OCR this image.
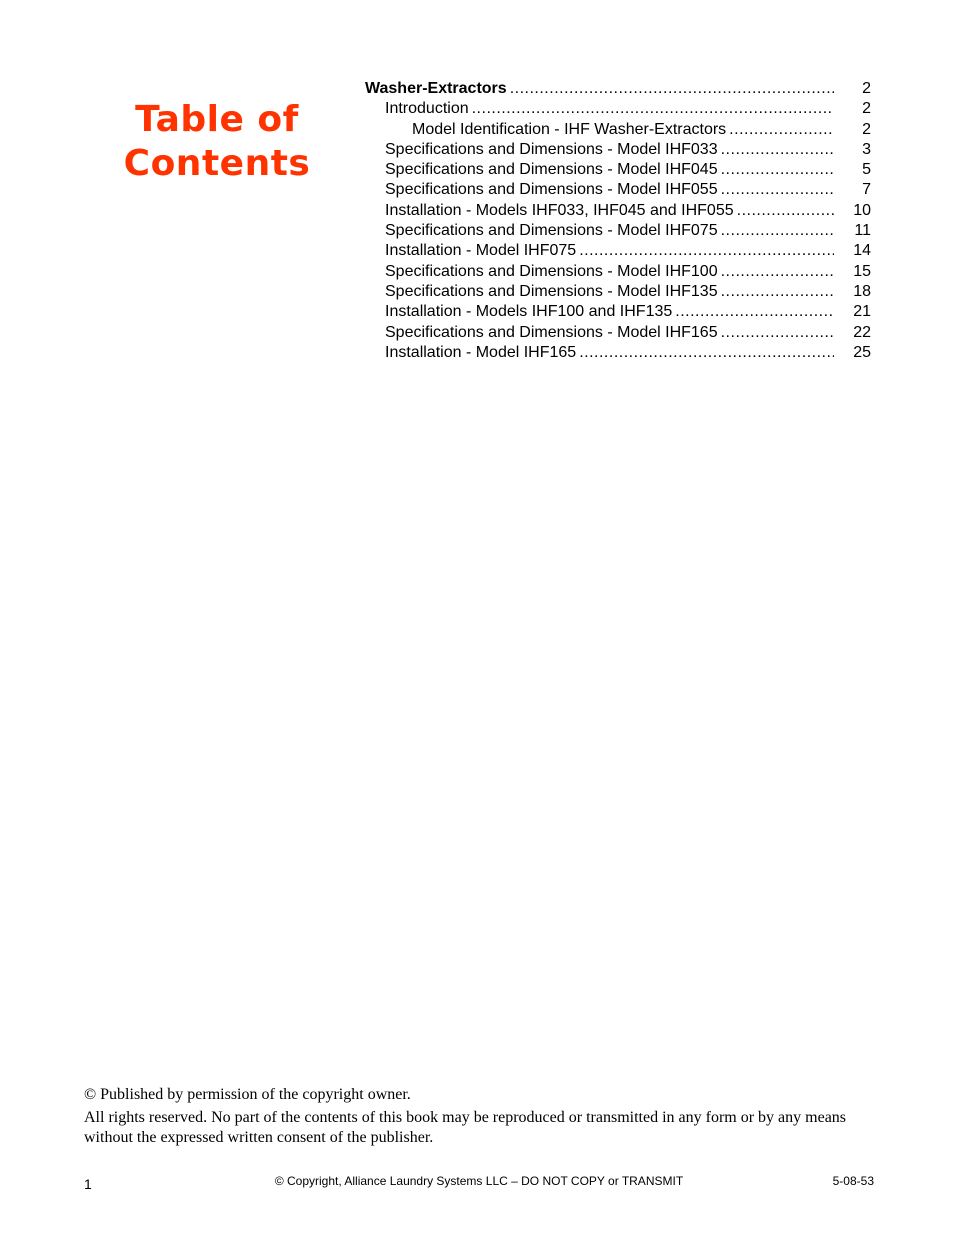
Table of
Contents
Washer-Extractors .....	2
Introduction .....	2
Model Identification - IHF Washer-Extractors .....	2
Specifications and Dimensions - Model IHF033 .....	3
Specifications and Dimensions - Model IHF045 .....	5
Specifications and Dimensions - Model IHF055 .....	7
Installation - Models IHF033, IHF045 and IHF055 .....	10
Specifications and Dimensions - Model IHF075 .....	11
Installation - Model IHF075 .....	14
Specifications and Dimensions - Model IHF100 .....	15
Specifications and Dimensions - Model IHF135 .....	18
Installation - Models IHF100 and IHF135 .....	21
Specifications and Dimensions - Model IHF165 .....	22
Installation - Model IHF165 .....	25

© Published by permission of the copyright owner.

All rights reserved. No part of the contents of this book may be reproduced or transmitted in any form or by any means without the expressed written consent of the publisher.

1	© Copyright, Alliance Laundry Systems LLC – DO NOT COPY or TRANSMIT	5-08-53
